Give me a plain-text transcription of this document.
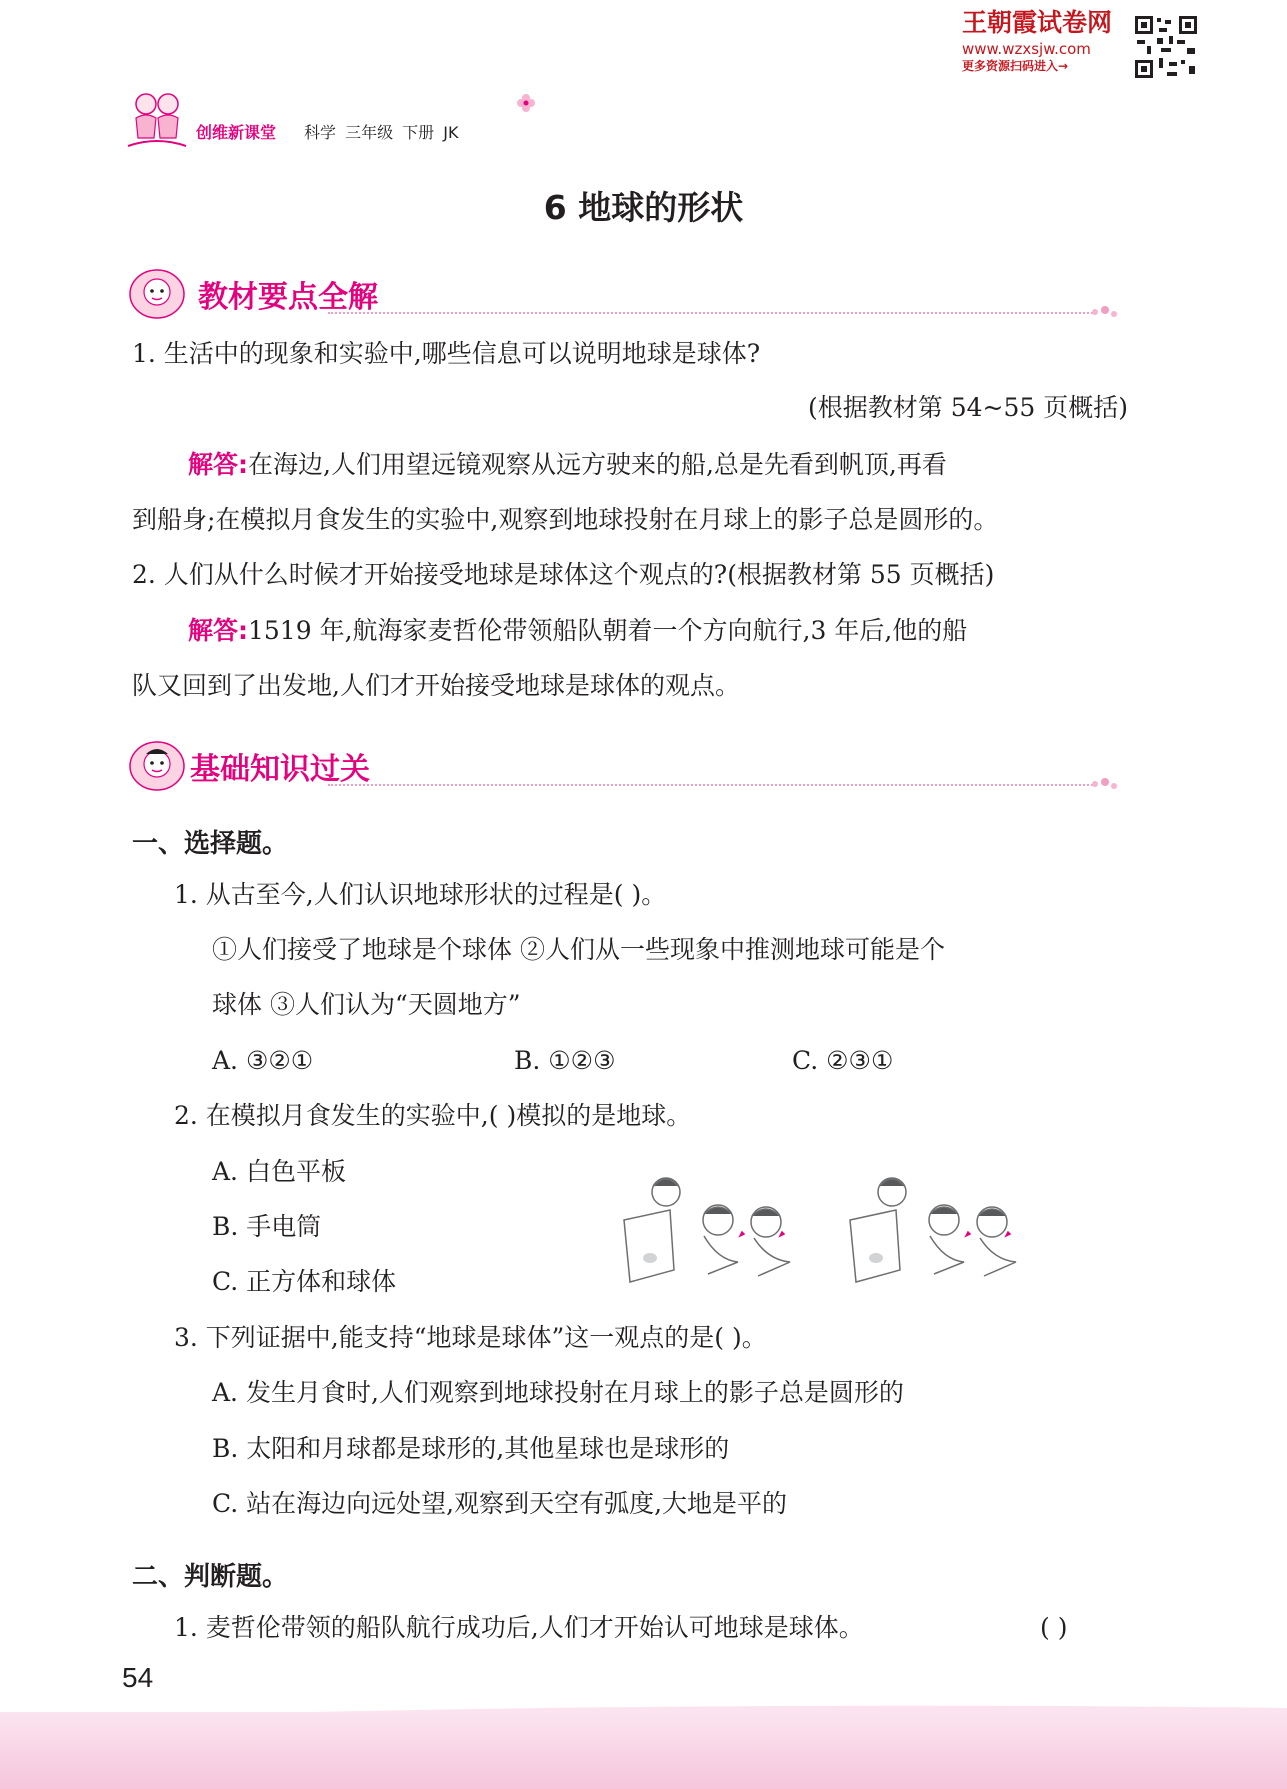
王朝霞试卷网
www.wzxsjw.com
更多资源扫码进入→
创维新课堂 科学 三年级 下册 JK
6 地球的形状
教材要点全解
1. 生活中的现象和实验中,哪些信息可以说明地球是球体?
(根据教材第 54~55 页概括)
解答:在海边,人们用望远镜观察从远方驶来的船,总是先看到帆顶,再看
到船身;在模拟月食发生的实验中,观察到地球投射在月球上的影子总是圆形的。
2. 人们从什么时候才开始接受地球是球体这个观点的?(根据教材第 55 页概括)
解答:1519 年,航海家麦哲伦带领船队朝着一个方向航行,3 年后,他的船
队又回到了出发地,人们才开始接受地球是球体的观点。
基础知识过关
一、选择题。
1. 从古至今,人们认识地球形状的过程是( )。
①人们接受了地球是个球体 ②人们从一些现象中推测地球可能是个
球体 ③人们认为“天圆地方”
A. ③②①	B. ①②③	C. ②③①
2. 在模拟月食发生的实验中,( )模拟的是地球。
A. 白色平板
B. 手电筒
C. 正方体和球体
3. 下列证据中,能支持“地球是球体”这一观点的是( )。
A. 发生月食时,人们观察到地球投射在月球上的影子总是圆形的
B. 太阳和月球都是球形的,其他星球也是球形的
C. 站在海边向远处望,观察到天空有弧度,大地是平的
二、判断题。
1. 麦哲伦带领的船队航行成功后,人们才开始认可地球是球体。	( )
54
